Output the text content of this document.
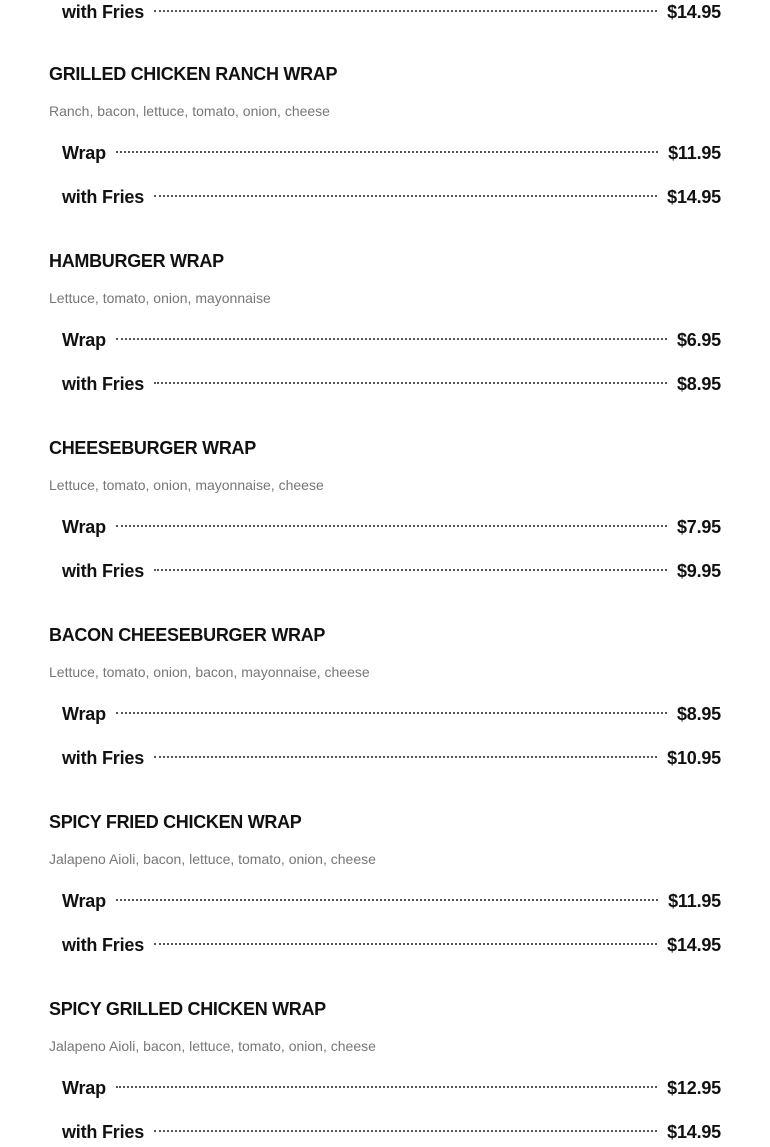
with Fries	$14.95
GRILLED CHICKEN RANCH WRAP

Ranch, bacon, lettuce, tomato, onion, cheese

Wrap	$11.95
with Fries	$14.95
HAMBURGER WRAP

Lettuce, tomato, onion, mayonnaise

Wrap	$6.95
with Fries	$8.95
CHEESEBURGER WRAP

Lettuce, tomato, onion, mayonnaise, cheese

Wrap	$7.95
with Fries	$9.95
BACON CHEESEBURGER WRAP

Lettuce, tomato, onion, bacon, mayonnaise, cheese

Wrap	$8.95
with Fries	$10.95
SPICY FRIED CHICKEN WRAP

Jalapeno Aioli, bacon, lettuce, tomato, onion, cheese

Wrap	$11.95
with Fries	$14.95
SPICY GRILLED CHICKEN WRAP

Jalapeno Aioli, bacon, lettuce, tomato, onion, cheese

Wrap	$12.95
with Fries	$14.95
